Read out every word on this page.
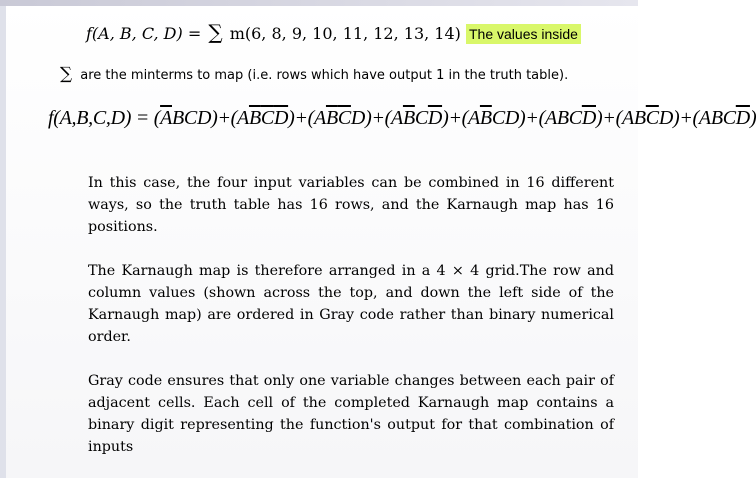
f(A, B, C, D) = ∑ m(6, 8, 9, 10, 11, 12, 13, 14) The values inside
∑ are the minterms to map (i.e. rows which have output 1 in the truth table).
$f(A,B,C,D) = (\overline{A}BCD)+(A\overline{B}\overline{C}\overline{D})+(A\overline{B}\overline{C}D)+(A\overline{B}C\overline{D})+(A\overline{B}CD)+(ABC\overline{D})+(AB\overline{C}D)+(ABC\overline{D})$

In this case, the four input variables can be combined in 16 different ways, so the truth table has 16 rows, and the Karnaugh map has 16 positions.

The Karnaugh map is therefore arranged in a 4 × 4 grid.The row and column values (shown across the top, and down the left side of the Karnaugh map) are ordered in Gray code rather than binary numerical order.

Gray code ensures that only one variable changes between each pair of adjacent cells. Each cell of the completed Karnaugh map contains a binary digit representing the function's output for that combination of inputs
